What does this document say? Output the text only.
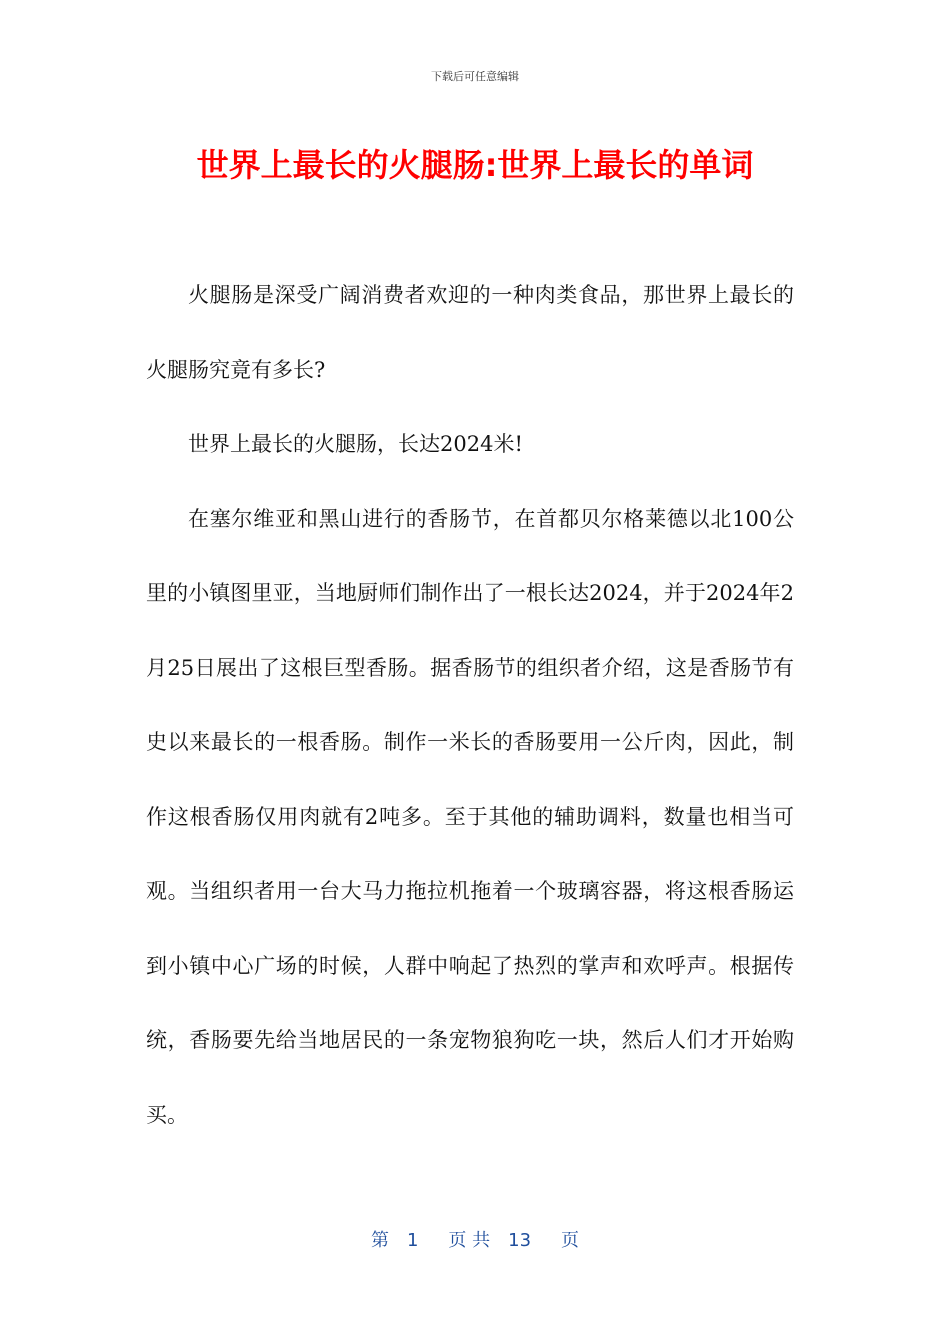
下载后可任意编辑
世界上最长的火腿肠:世界上最长的单词

火腿肠是深受广阔消费者欢迎的一种肉类食品，那世界上最长的火腿肠究竟有多长?

世界上最长的火腿肠，长达2024米!

在塞尔维亚和黑山进行的香肠节，在首都贝尔格莱德以北100公里的小镇图里亚，当地厨师们制作出了一根长达2024，并于2024年2月25日展出了这根巨型香肠。据香肠节的组织者介绍，这是香肠节有史以来最长的一根香肠。制作一米长的香肠要用一公斤肉，因此，制作这根香肠仅用肉就有2吨多。至于其他的辅助调料，数量也相当可观。当组织者用一台大马力拖拉机拖着一个玻璃容器，将这根香肠运到小镇中心广场的时候，人群中响起了热烈的掌声和欢呼声。根据传统，香肠要先给当地居民的一条宠物狼狗吃一块，然后人们才开始购买。

第 1 页 共 13 页
